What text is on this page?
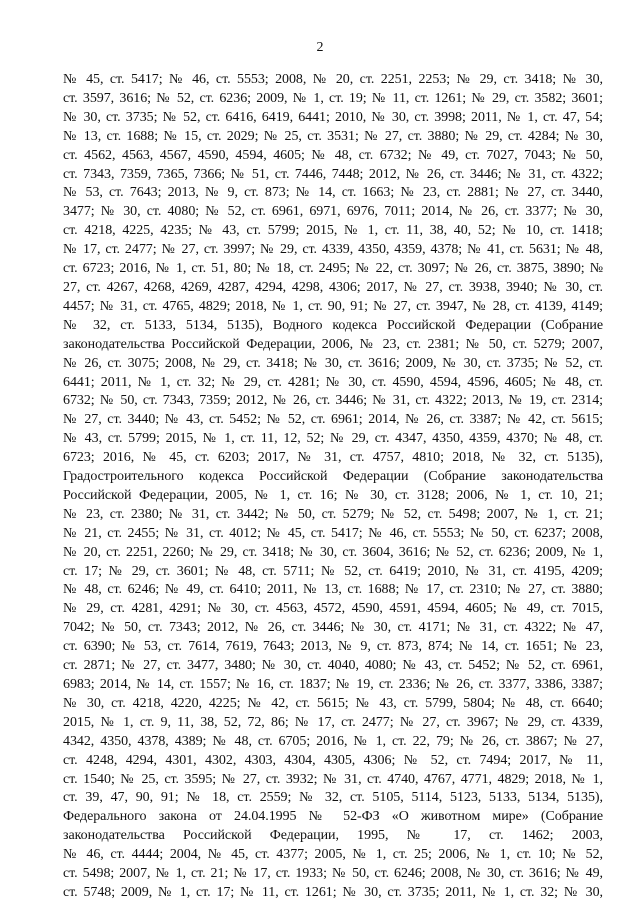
2
№ 45, ст. 5417; № 46, ст. 5553; 2008, № 20, ст. 2251, 2253; № 29, ст. 3418; № 30,
ст. 3597, 3616; № 52, ст. 6236; 2009, № 1, ст. 19; № 11, ст. 1261; № 29, ст. 3582; 3601;
№ 30, ст. 3735; № 52, ст. 6416, 6419, 6441; 2010, № 30, ст. 3998; 2011, № 1, ст. 47, 54;
№ 13, ст. 1688; № 15, ст. 2029; № 25, ст. 3531; № 27, ст. 3880; № 29, ст. 4284; № 30,
ст. 4562, 4563, 4567, 4590, 4594, 4605; № 48, ст. 6732; № 49, ст. 7027, 7043; № 50,
ст. 7343, 7359, 7365, 7366; № 51, ст. 7446, 7448; 2012, № 26, ст. 3446; № 31, ст. 4322;
№ 53, ст. 7643; 2013, № 9, ст. 873; № 14, ст. 1663; № 23, ст. 2881; № 27, ст. 3440,
3477; № 30, ст. 4080; № 52, ст. 6961, 6971, 6976, 7011; 2014, № 26, ст. 3377; № 30,
ст. 4218, 4225, 4235; № 43, ст. 5799; 2015, № 1, ст. 11, 38, 40, 52; № 10, ст. 1418;
№ 17, ст. 2477; № 27, ст. 3997; № 29, ст. 4339, 4350, 4359, 4378; № 41, ст. 5631; № 48,
ст. 6723; 2016, № 1, ст. 51, 80; № 18, ст. 2495; № 22, ст. 3097; № 26, ст. 3875, 3890; №
27, ст. 4267, 4268, 4269, 4287, 4294, 4298, 4306; 2017, № 27, ст. 3938, 3940; № 30, ст.
4457; № 31, ст. 4765, 4829; 2018, № 1, ст. 90, 91; № 27, ст. 3947, № 28, ст. 4139, 4149;
№ 32, ст. 5133, 5134, 5135), Водного кодекса Российской Федерации (Собрание
законодательства Российской Федерации, 2006, № 23, ст. 2381; № 50, ст. 5279; 2007,
№ 26, ст. 3075; 2008, № 29, ст. 3418; № 30, ст. 3616; 2009, № 30, ст. 3735; № 52, ст.
6441; 2011, № 1, ст. 32; № 29, ст. 4281; № 30, ст. 4590, 4594, 4596, 4605; № 48, ст.
6732; № 50, ст. 7343, 7359; 2012, № 26, ст. 3446; № 31, ст. 4322; 2013, № 19, ст. 2314;
№ 27, ст. 3440; № 43, ст. 5452; № 52, ст. 6961; 2014, № 26, ст. 3387; № 42, ст. 5615;
№ 43, ст. 5799; 2015, № 1, ст. 11, 12, 52; № 29, ст. 4347, 4350, 4359, 4370; № 48, ст.
6723; 2016, № 45, ст. 6203; 2017, № 31, ст. 4757, 4810; 2018, № 32, ст. 5135),
Градостроительного кодекса Российской Федерации (Собрание законодательства
Российской Федерации, 2005, № 1, ст. 16; № 30, ст. 3128; 2006, № 1, ст. 10, 21;
№ 23, ст. 2380; № 31, ст. 3442; № 50, ст. 5279; № 52, ст. 5498; 2007, № 1, ст. 21;
№ 21, ст. 2455; № 31, ст. 4012; № 45, ст. 5417; № 46, ст. 5553; № 50, ст. 6237; 2008,
№ 20, ст. 2251, 2260; № 29, ст. 3418; № 30, ст. 3604, 3616; № 52, ст. 6236; 2009, № 1,
ст. 17; № 29, ст. 3601; № 48, ст. 5711; № 52, ст. 6419; 2010, № 31, ст. 4195, 4209;
№ 48, ст. 6246; № 49, ст. 6410; 2011, № 13, ст. 1688; № 17, ст. 2310; № 27, ст. 3880;
№ 29, ст. 4281, 4291; № 30, ст. 4563, 4572, 4590, 4591, 4594, 4605; № 49, ст. 7015,
7042; № 50, ст. 7343; 2012, № 26, ст. 3446; № 30, ст. 4171; № 31, ст. 4322; № 47,
ст. 6390; № 53, ст. 7614, 7619, 7643; 2013, № 9, ст. 873, 874; № 14, ст. 1651; № 23,
ст. 2871; № 27, ст. 3477, 3480; № 30, ст. 4040, 4080; № 43, ст. 5452; № 52, ст. 6961,
6983; 2014, № 14, ст. 1557; № 16, ст. 1837; № 19, ст. 2336; № 26, ст. 3377, 3386, 3387;
№ 30, ст. 4218, 4220, 4225; № 42, ст. 5615; № 43, ст. 5799, 5804; № 48, ст. 6640;
2015, № 1, ст. 9, 11, 38, 52, 72, 86; № 17, ст. 2477; № 27, ст. 3967; № 29, ст. 4339,
4342, 4350, 4378, 4389; № 48, ст. 6705; 2016, № 1, ст. 22, 79; № 26, ст. 3867; № 27,
ст. 4248, 4294, 4301, 4302, 4303, 4304, 4305, 4306; № 52, ст. 7494; 2017, № 11,
ст. 1540; № 25, ст. 3595; № 27, ст. 3932; № 31, ст. 4740, 4767, 4771, 4829; 2018, № 1,
ст. 39, 47, 90, 91; № 18, ст. 2559; № 32, ст. 5105, 5114, 5123, 5133, 5134, 5135),
Федерального закона от 24.04.1995 № 52-ФЗ «О животном мире» (Собрание
законодательства Российской Федерации, 1995, № 17, ст. 1462; 2003,
№ 46, ст. 4444; 2004, № 45, ст. 4377; 2005, № 1, ст. 25; 2006, № 1, ст. 10; № 52,
ст. 5498; 2007, № 1, ст. 21; № 17, ст. 1933; № 50, ст. 6246; 2008, № 30, ст. 3616; № 49,
ст. 5748; 2009, № 1, ст. 17; № 11, ст. 1261; № 30, ст. 3735; 2011, № 1, ст. 32; № 30,
